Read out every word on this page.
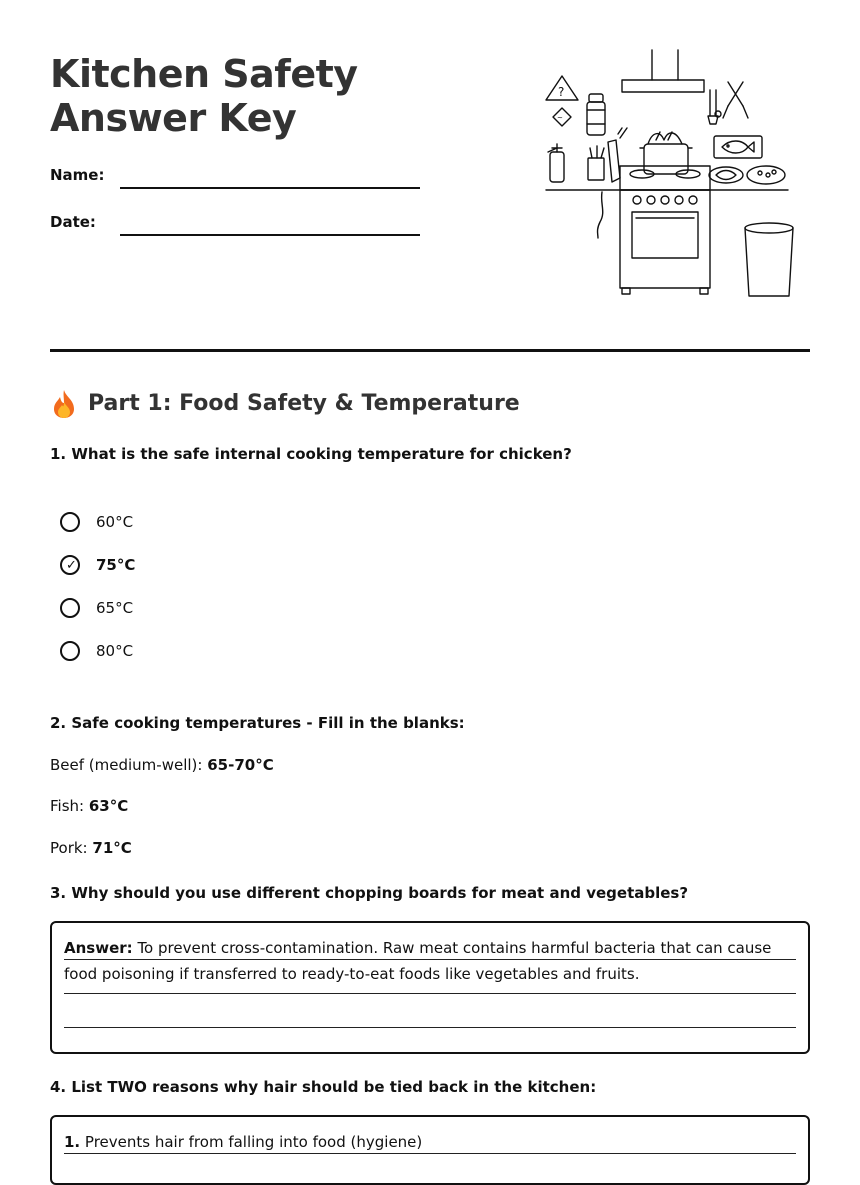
Kitchen Safety Answer Key
Name:
Date:
?
~
Part 1: Food Safety & Temperature

1. What is the safe internal cooking temperature for chicken?

60°C
✓ 75°C
65°C
80°C

2. Safe cooking temperatures - Fill in the blanks:

Beef (medium-well): 65-70°C
Fish: 63°C
Pork: 71°C

3. Why should you use different chopping boards for meat and vegetables?

Answer: To prevent cross-contamination. Raw meat contains harmful bacteria that can cause food poisoning if transferred to ready-to-eat foods like vegetables and fruits.

4. List TWO reasons why hair should be tied back in the kitchen:

1. Prevents hair from falling into food (hygiene)
